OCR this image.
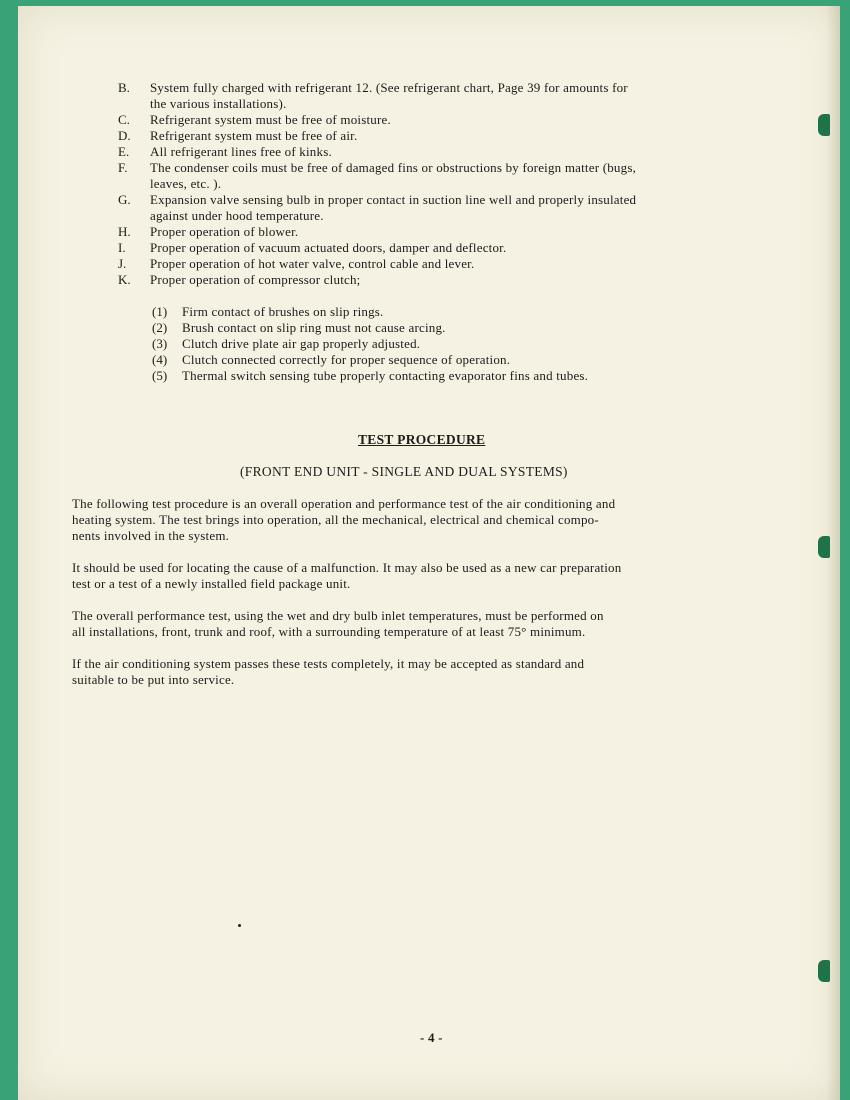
B. System fully charged with refrigerant 12. (See refrigerant chart, Page 39 for amounts for
the various installations).
C. Refrigerant system must be free of moisture.
D. Refrigerant system must be free of air.
E. All refrigerant lines free of kinks.
F. The condenser coils must be free of damaged fins or obstructions by foreign matter (bugs,
leaves, etc. ).
G. Expansion valve sensing bulb in proper contact in suction line well and properly insulated
against under hood temperature.
H. Proper operation of blower.
I. Proper operation of vacuum actuated doors, damper and deflector.
J. Proper operation of hot water valve, control cable and lever.
K. Proper operation of compressor clutch;
(1) Firm contact of brushes on slip rings.
(2) Brush contact on slip ring must not cause arcing.
(3) Clutch drive plate air gap properly adjusted.
(4) Clutch connected correctly for proper sequence of operation.
(5) Thermal switch sensing tube properly contacting evaporator fins and tubes.
TEST PROCEDURE
(FRONT END UNIT - SINGLE AND DUAL SYSTEMS)
The following test procedure is an overall operation and performance test of the air conditioning and
heating system. The test brings into operation, all the mechanical, electrical and chemical compo-
nents involved in the system.
It should be used for locating the cause of a malfunction. It may also be used as a new car preparation
test or a test of a newly installed field package unit.
The overall performance test, using the wet and dry bulb inlet temperatures, must be performed on
all installations, front, trunk and roof, with a surrounding temperature of at least 75° minimum.
If the air conditioning system passes these tests completely, it may be accepted as standard and
suitable to be put into service.
- 4 -
